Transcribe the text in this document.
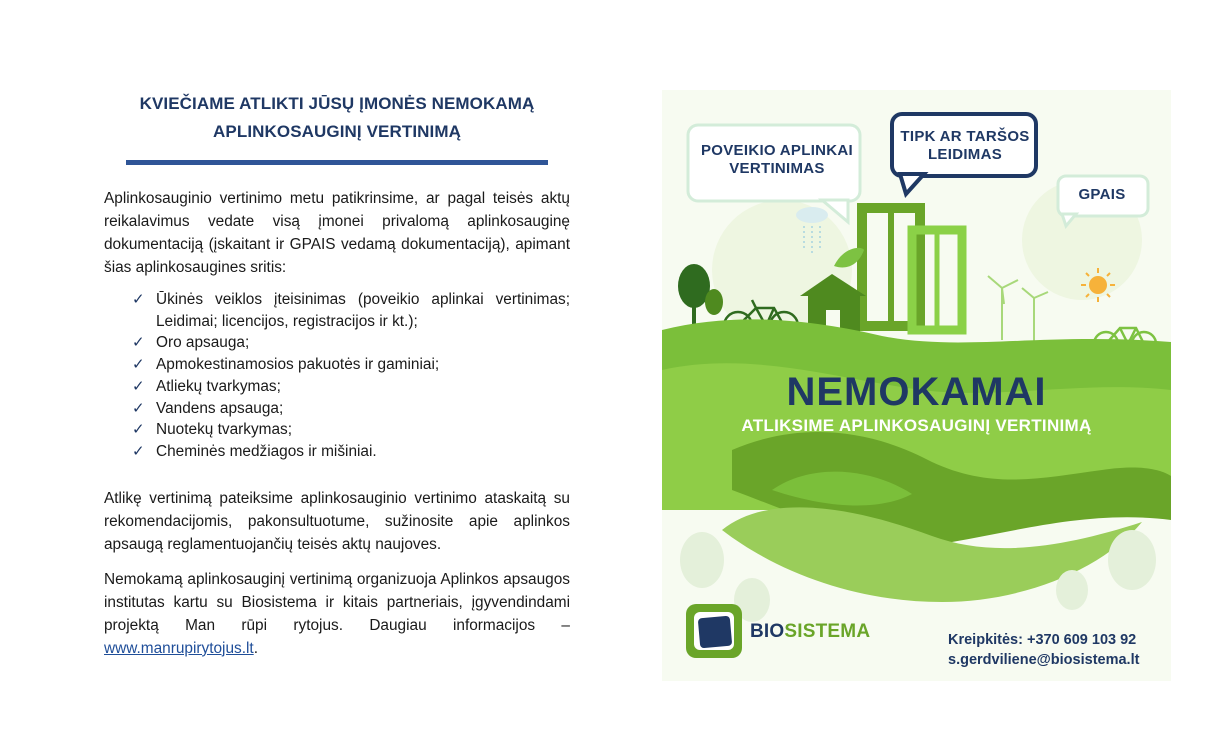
KVIEČIAME ATLIKTI JŪSŲ ĮMONĖS NEMOKAMĄ
APLINKOSAUGINĮ VERTINIMĄ

Aplinkosauginio vertinimo metu patikrinsime, ar pagal teisės aktų reikalavimus vedate visą įmonei privalomą aplinkosauginę dokumentaciją (įskaitant ir GPAIS vedamą dokumentaciją), apimant šias aplinkosaugines sritis:

✓ Ūkinės veiklos įteisinimas (poveikio aplinkai vertinimas; Leidimai; licencijos, registracijos ir kt.);
✓ Oro apsauga;
✓ Apmokestinamosios pakuotės ir gaminiai;
✓ Atliekų tvarkymas;
✓ Vandens apsauga;
✓ Nuotekų tvarkymas;
✓ Cheminės medžiagos ir mišiniai.

Atlikę vertinimą pateiksime aplinkosauginio vertinimo ataskaitą su rekomendacijomis, pakonsultuotume, sužinosite apie aplinkos apsaugą reglamentuojančių teisės aktų naujoves.

Nemokamą aplinkosauginį vertinimą organizuoja Aplinkos apsaugos institutas kartu su Biosistema ir kitais partneriais, įgyvendindami projektą Man rūpi rytojus. Daugiau informacijos – www.manrupirytojus.lt.

POVEIKIO APLINKAI VERTINIMAS
TIPK AR TARŠOS LEIDIMAS
GPAIS
NEMOKAMAI
ATLIKSIME APLINKOSAUGINĮ VERTINIMĄ
BIOSISTEMA	Kreipkitės: +370 609 103 92
s.gerdviliene@biosistema.lt
